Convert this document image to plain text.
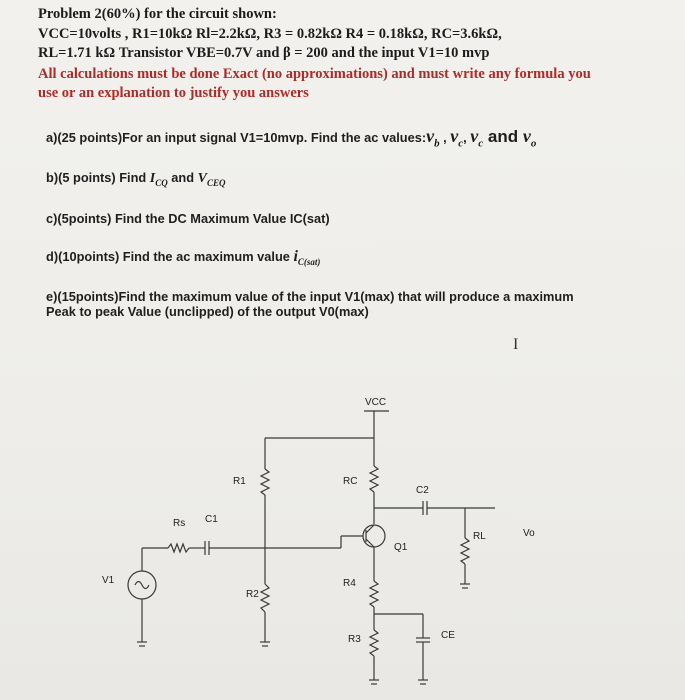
Problem 2(60%) for the circuit shown:
VCC=10volts , R1=10kΩ Rl=2.2kΩ, R3 = 0.82kΩ R4 = 0.18kΩ, RC=3.6kΩ,
RL=1.71 kΩ Transistor VBE=0.7V and β = 200 and the input V1=10 mvp
All calculations must be done Exact (no approximations) and must write any formula you
use or an explanation to justify you answers
a)(25 points)For an input signal V1=10mvp. Find the ac $values:v_b$ , $v_c$, $v_c$ and $v_o$
b)(5 points) Find $I_{CQ}$ and $V_{CEQ}$
c)(5points) Find the DC Maximum Value IC(sat)
d)(10points) Find the ac maximum value $i_{C(sat)}$
e)(15points)Find the maximum value of the input V1(max) that will produce a maximum
Peak to peak Value (unclipped) of the output V0(max)
I
VCC
R1	RC
C2
Rs C1
Q1
RL	Vo
V1
R2
R4
R3	CE
